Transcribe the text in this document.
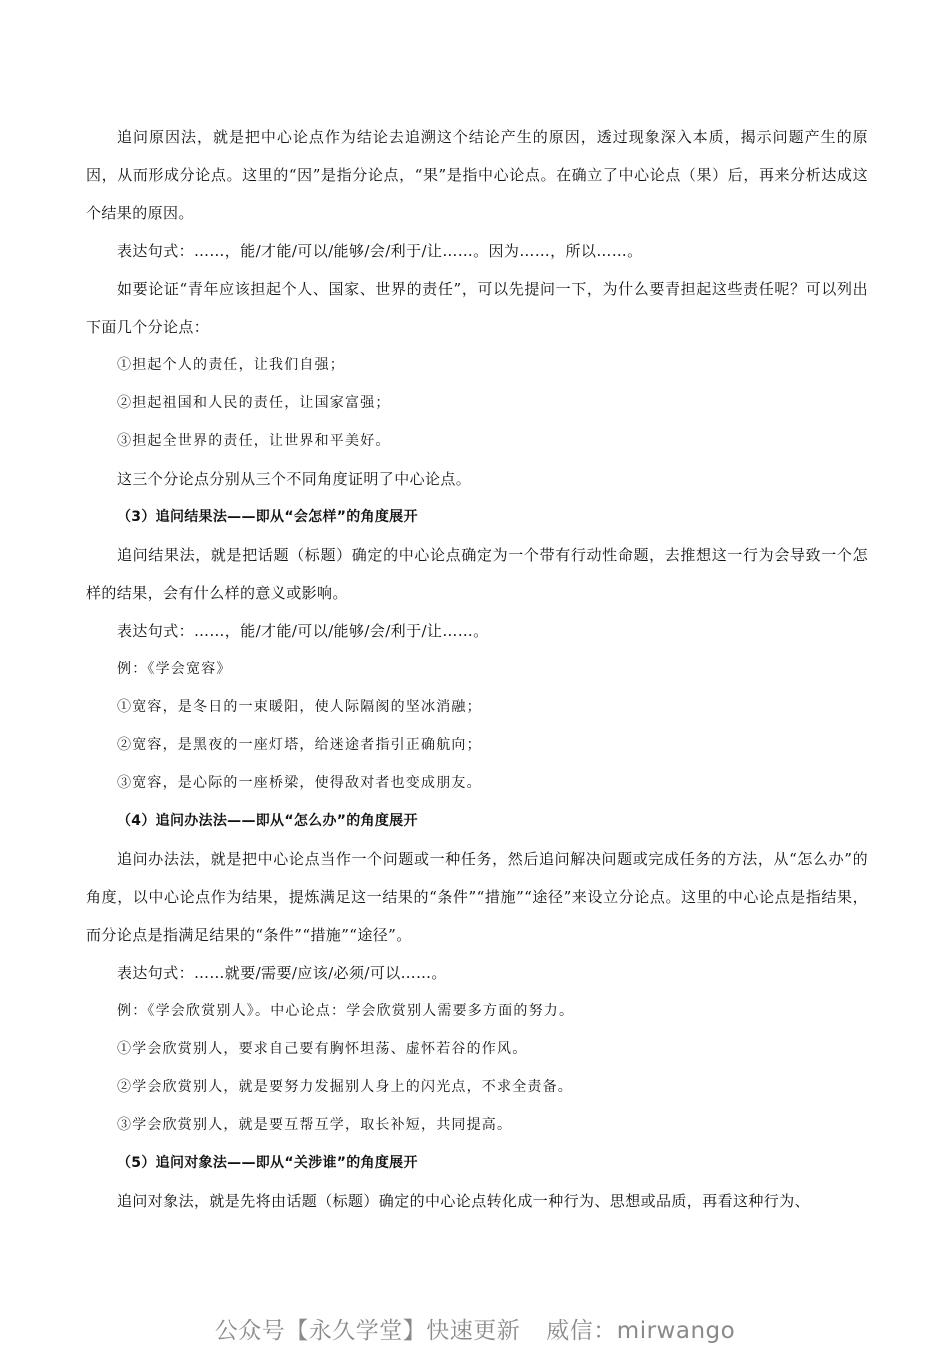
追问原因法，就是把中心论点作为结论去追溯这个结论产生的原因，透过现象深入本质，揭示问题产生的原因，从而形成分论点。这里的“因”是指分论点，“果”是指中心论点。在确立了中心论点（果）后，再来分析达成这个结果的原因。

表达句式：……，能/才能/可以/能够/会/利于/让……。因为……，所以……。

如要论证“青年应该担起个人、国家、世界的责任”，可以先提问一下，为什么要青担起这些责任呢？可以列出下面几个分论点：

①担起个人的责任，让我们自强；

②担起祖国和人民的责任，让国家富强；

③担起全世界的责任，让世界和平美好。

这三个分论点分别从三个不同角度证明了中心论点。

（3）追问结果法——即从“会怎样”的角度展开

追问结果法，就是把话题（标题）确定的中心论点确定为一个带有行动性命题，去推想这一行为会导致一个怎样的结果，会有什么样的意义或影响。

表达句式：……，能/才能/可以/能够/会/利于/让……。

例：《学会宽容》

①宽容，是冬日的一束暖阳，使人际隔阂的坚冰消融；

②宽容，是黑夜的一座灯塔，给迷途者指引正确航向；

③宽容，是心际的一座桥梁，使得敌对者也变成朋友。

（4）追问办法法——即从“怎么办”的角度展开

追问办法法，就是把中心论点当作一个问题或一种任务，然后追问解决问题或完成任务的方法，从“怎么办”的角度，以中心论点作为结果，提炼满足这一结果的“条件”“措施”“途径”来设立分论点。这里的中心论点是指结果，而分论点是指满足结果的“条件”“措施”“途径”。

表达句式：……就要/需要/应该/必须/可以……。

例：《学会欣赏别人》。中心论点：学会欣赏别人需要多方面的努力。

①学会欣赏别人，要求自己要有胸怀坦荡、虚怀若谷的作风。

②学会欣赏别人，就是要努力发掘别人身上的闪光点，不求全责备。

③学会欣赏别人，就是要互帮互学，取长补短，共同提高。

（5）追问对象法——即从“关涉谁”的角度展开

追问对象法，就是先将由话题（标题）确定的中心论点转化成一种行为、思想或品质，再看这种行为、

公众号【永久学堂】快速更新 威信：mirwango
